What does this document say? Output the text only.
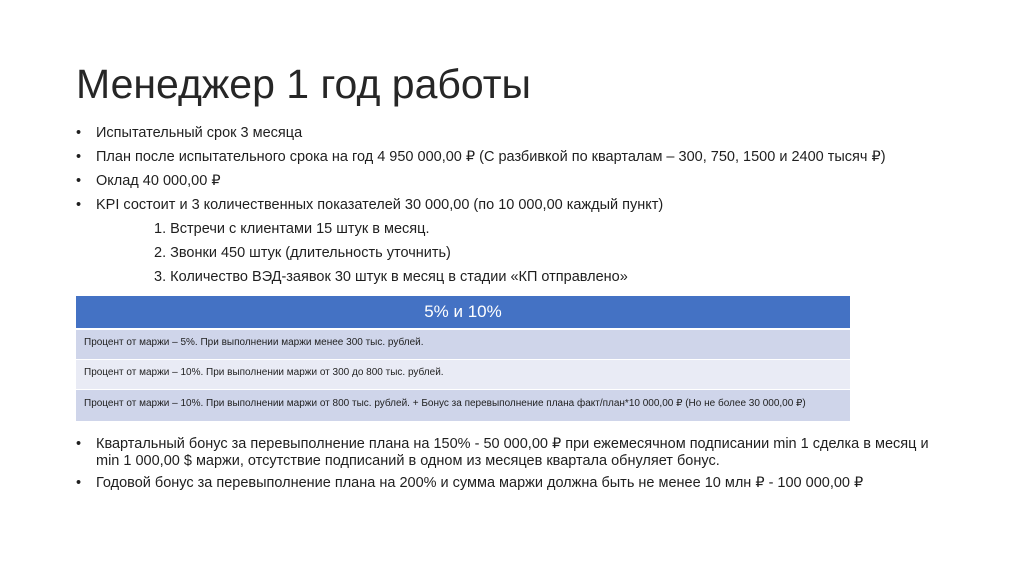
Менеджер 1 год работы
• Испытательный срок 3 месяца
• План после испытательного срока на год 4 950 000,00 ₽ (С разбивкой по кварталам – 300, 750, 1500 и 2400 тысяч ₽)
• Оклад 40 000,00 ₽
• KPI состоит и 3 количественных показателей 30 000,00 (по 10 000,00 каждый пункт)
1. Встречи с клиентами 15 штук в месяц.
2. Звонки 450 штук (длительность уточнить)
3. Количество ВЭД-заявок 30 штук в месяц в стадии «КП отправлено»
5% и 10%
Процент от маржи – 5%. При выполнении маржи менее 300 тыс. рублей.
Процент от маржи – 10%. При выполнении маржи от 300 до 800 тыс. рублей.
Процент от маржи – 10%. При выполнении маржи от 800 тыс. рублей. + Бонус за перевыполнение плана факт/план*10 000,00 ₽ (Но не более 30 000,00 ₽)
• Квартальный бонус за перевыполнение плана на 150% - 50 000,00 ₽ при ежемесячном подписании min 1 сделка в месяц и
min 1 000,00 $ маржи, отсутствие подписаний в одном из месяцев квартала обнуляет бонус.
• Годовой бонус за перевыполнение плана на 200% и сумма маржи должна быть не менее 10 млн ₽ - 100 000,00 ₽
